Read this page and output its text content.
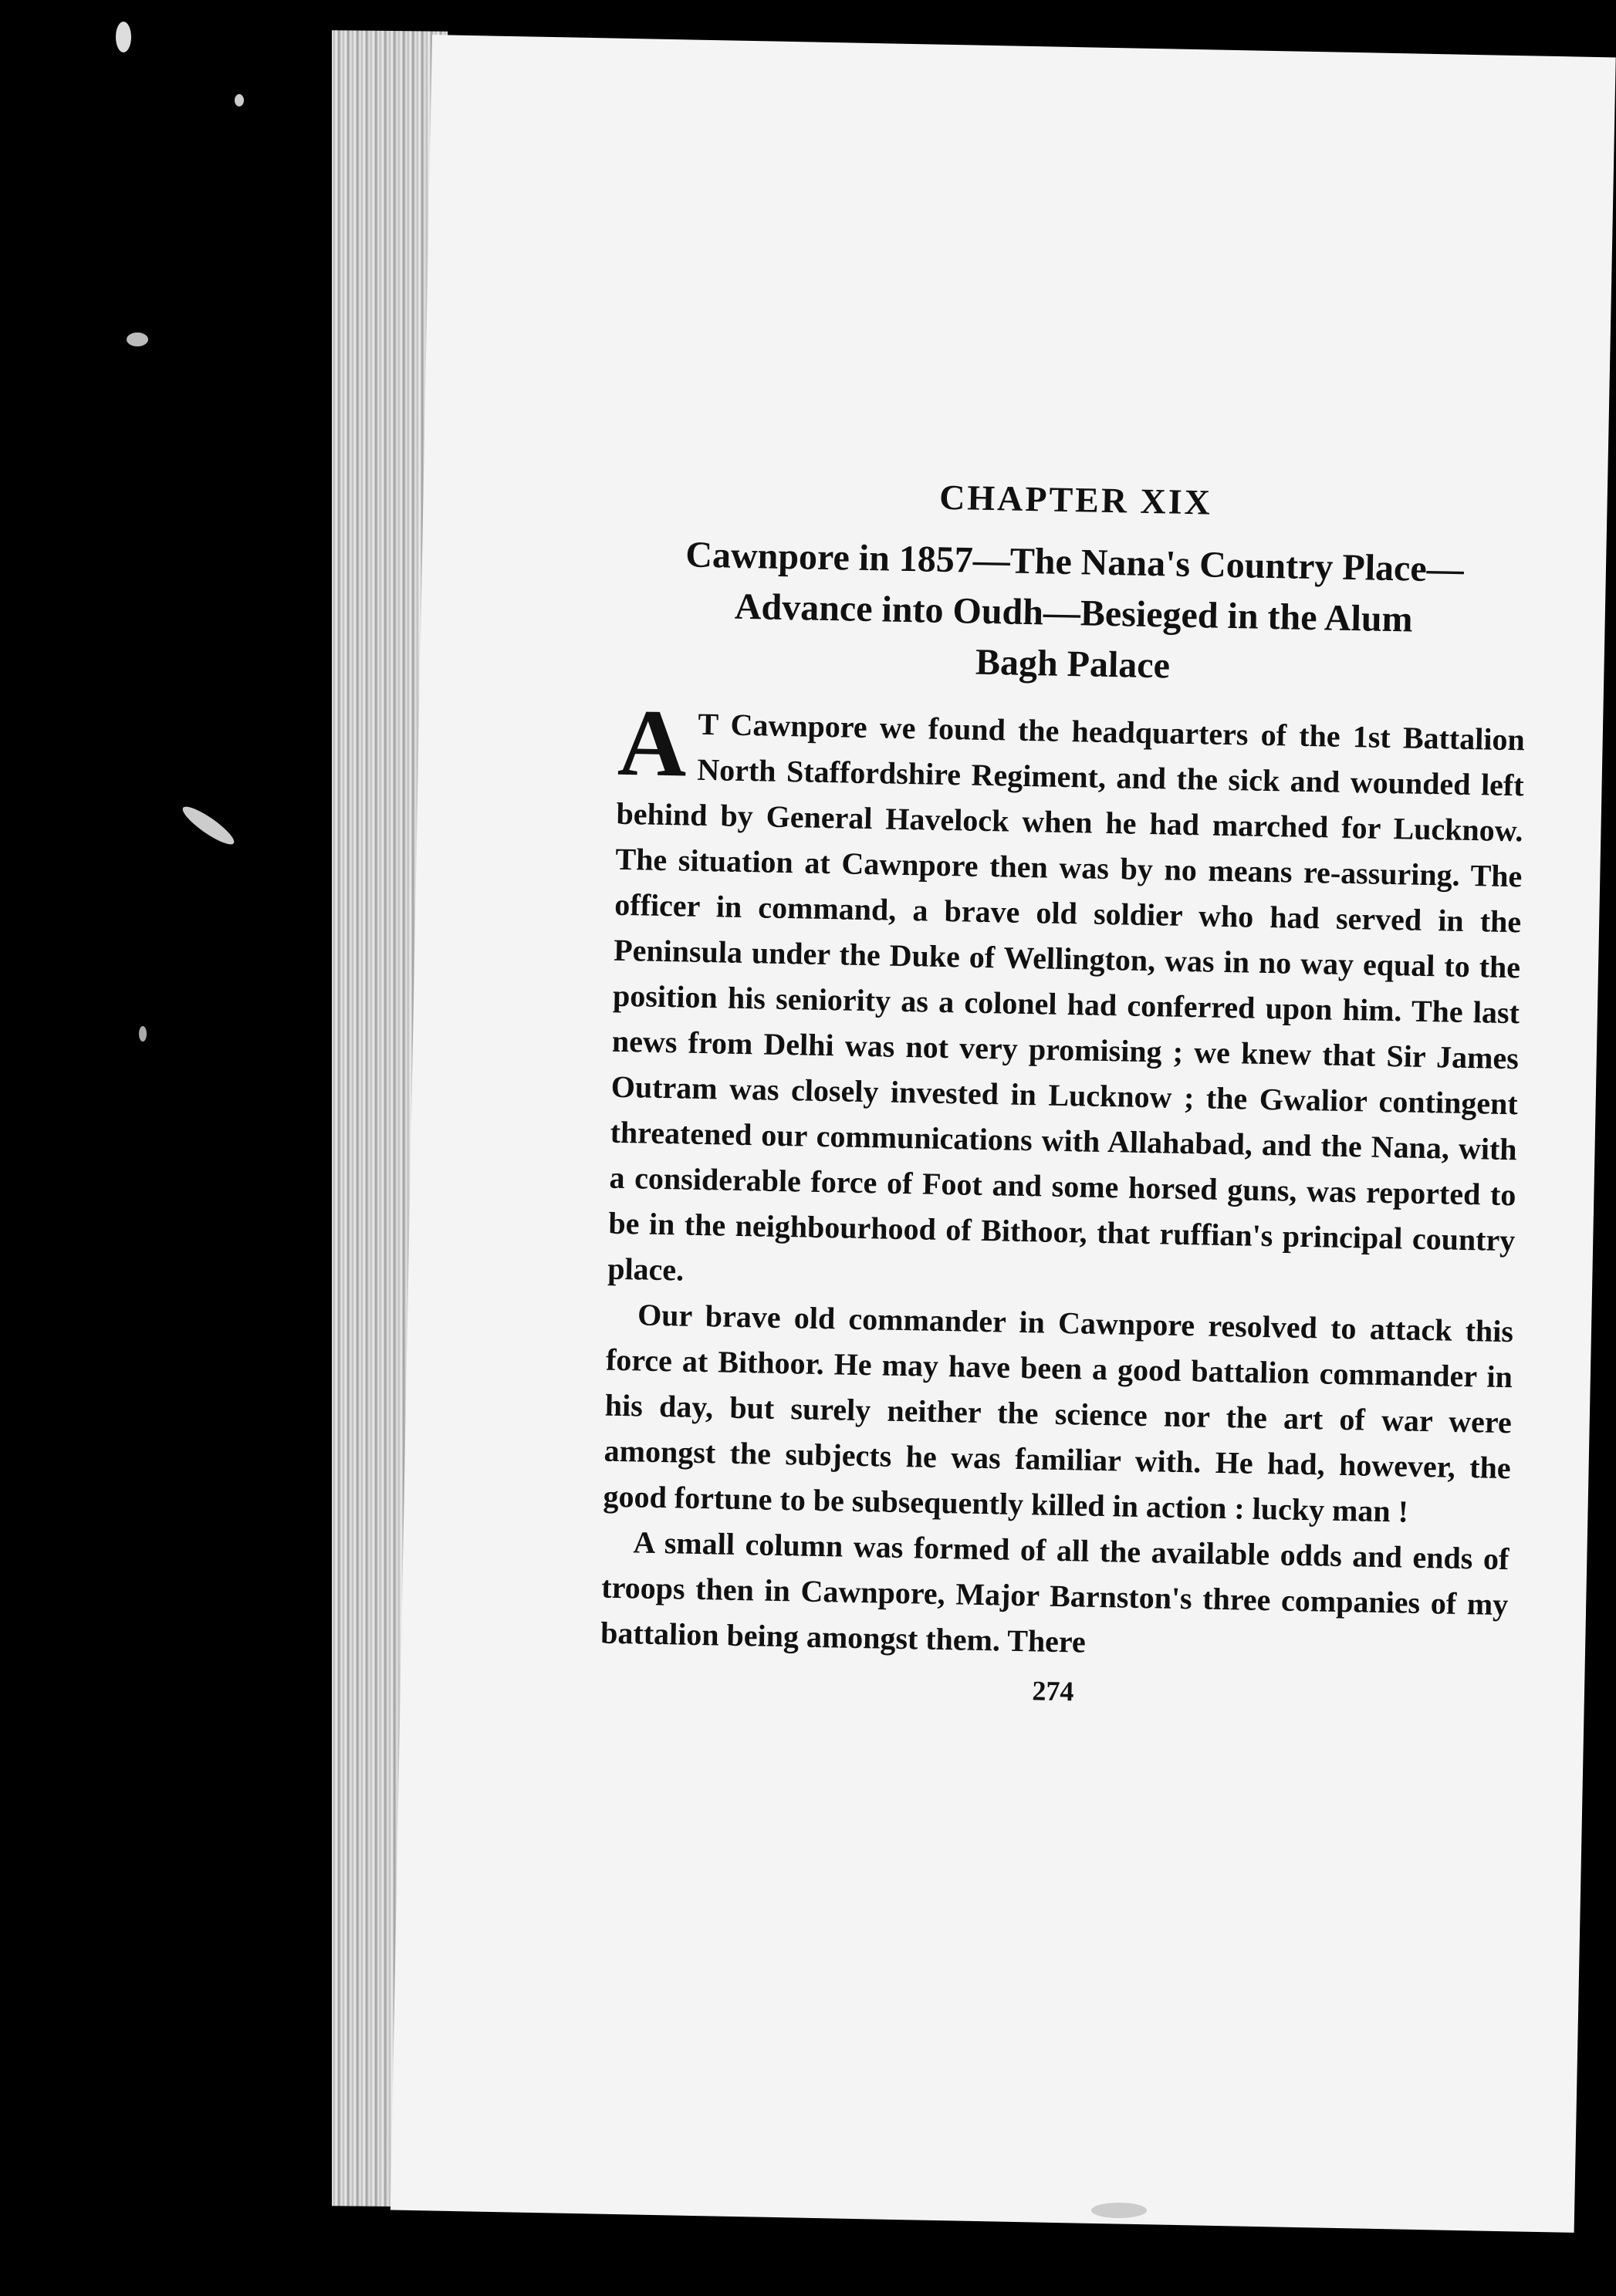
CHAPTER XIX
Cawnpore in 1857—The Nana's Country Place—
Advance into Oudh—Besieged in the Alum
Bagh Palace

A T Cawnpore we found the headquarters of the 1st Battalion North Staffordshire Regiment, and the sick and wounded left behind by General Havelock when he had marched for Lucknow. The situation at Cawnpore then was by no means re-assuring. The officer in command, a brave old soldier who had served in the Peninsula under the Duke of Wellington, was in no way equal to the position his seniority as a colonel had conferred upon him. The last news from Delhi was not very promising ; we knew that Sir James Outram was closely invested in Lucknow ; the Gwalior contingent threatened our communications with Allahabad, and the Nana, with a considerable force of Foot and some horsed guns, was reported to be in the neighbourhood of Bithoor, that ruffian's principal country place.

Our brave old commander in Cawnpore resolved to attack this force at Bithoor. He may have been a good battalion commander in his day, but surely neither the science nor the art of war were amongst the subjects he was familiar with. He had, however, the good fortune to be subsequently killed in action : lucky man !

A small column was formed of all the available odds and ends of troops then in Cawnpore, Major Barnston's three companies of my battalion being amongst them. There

274
